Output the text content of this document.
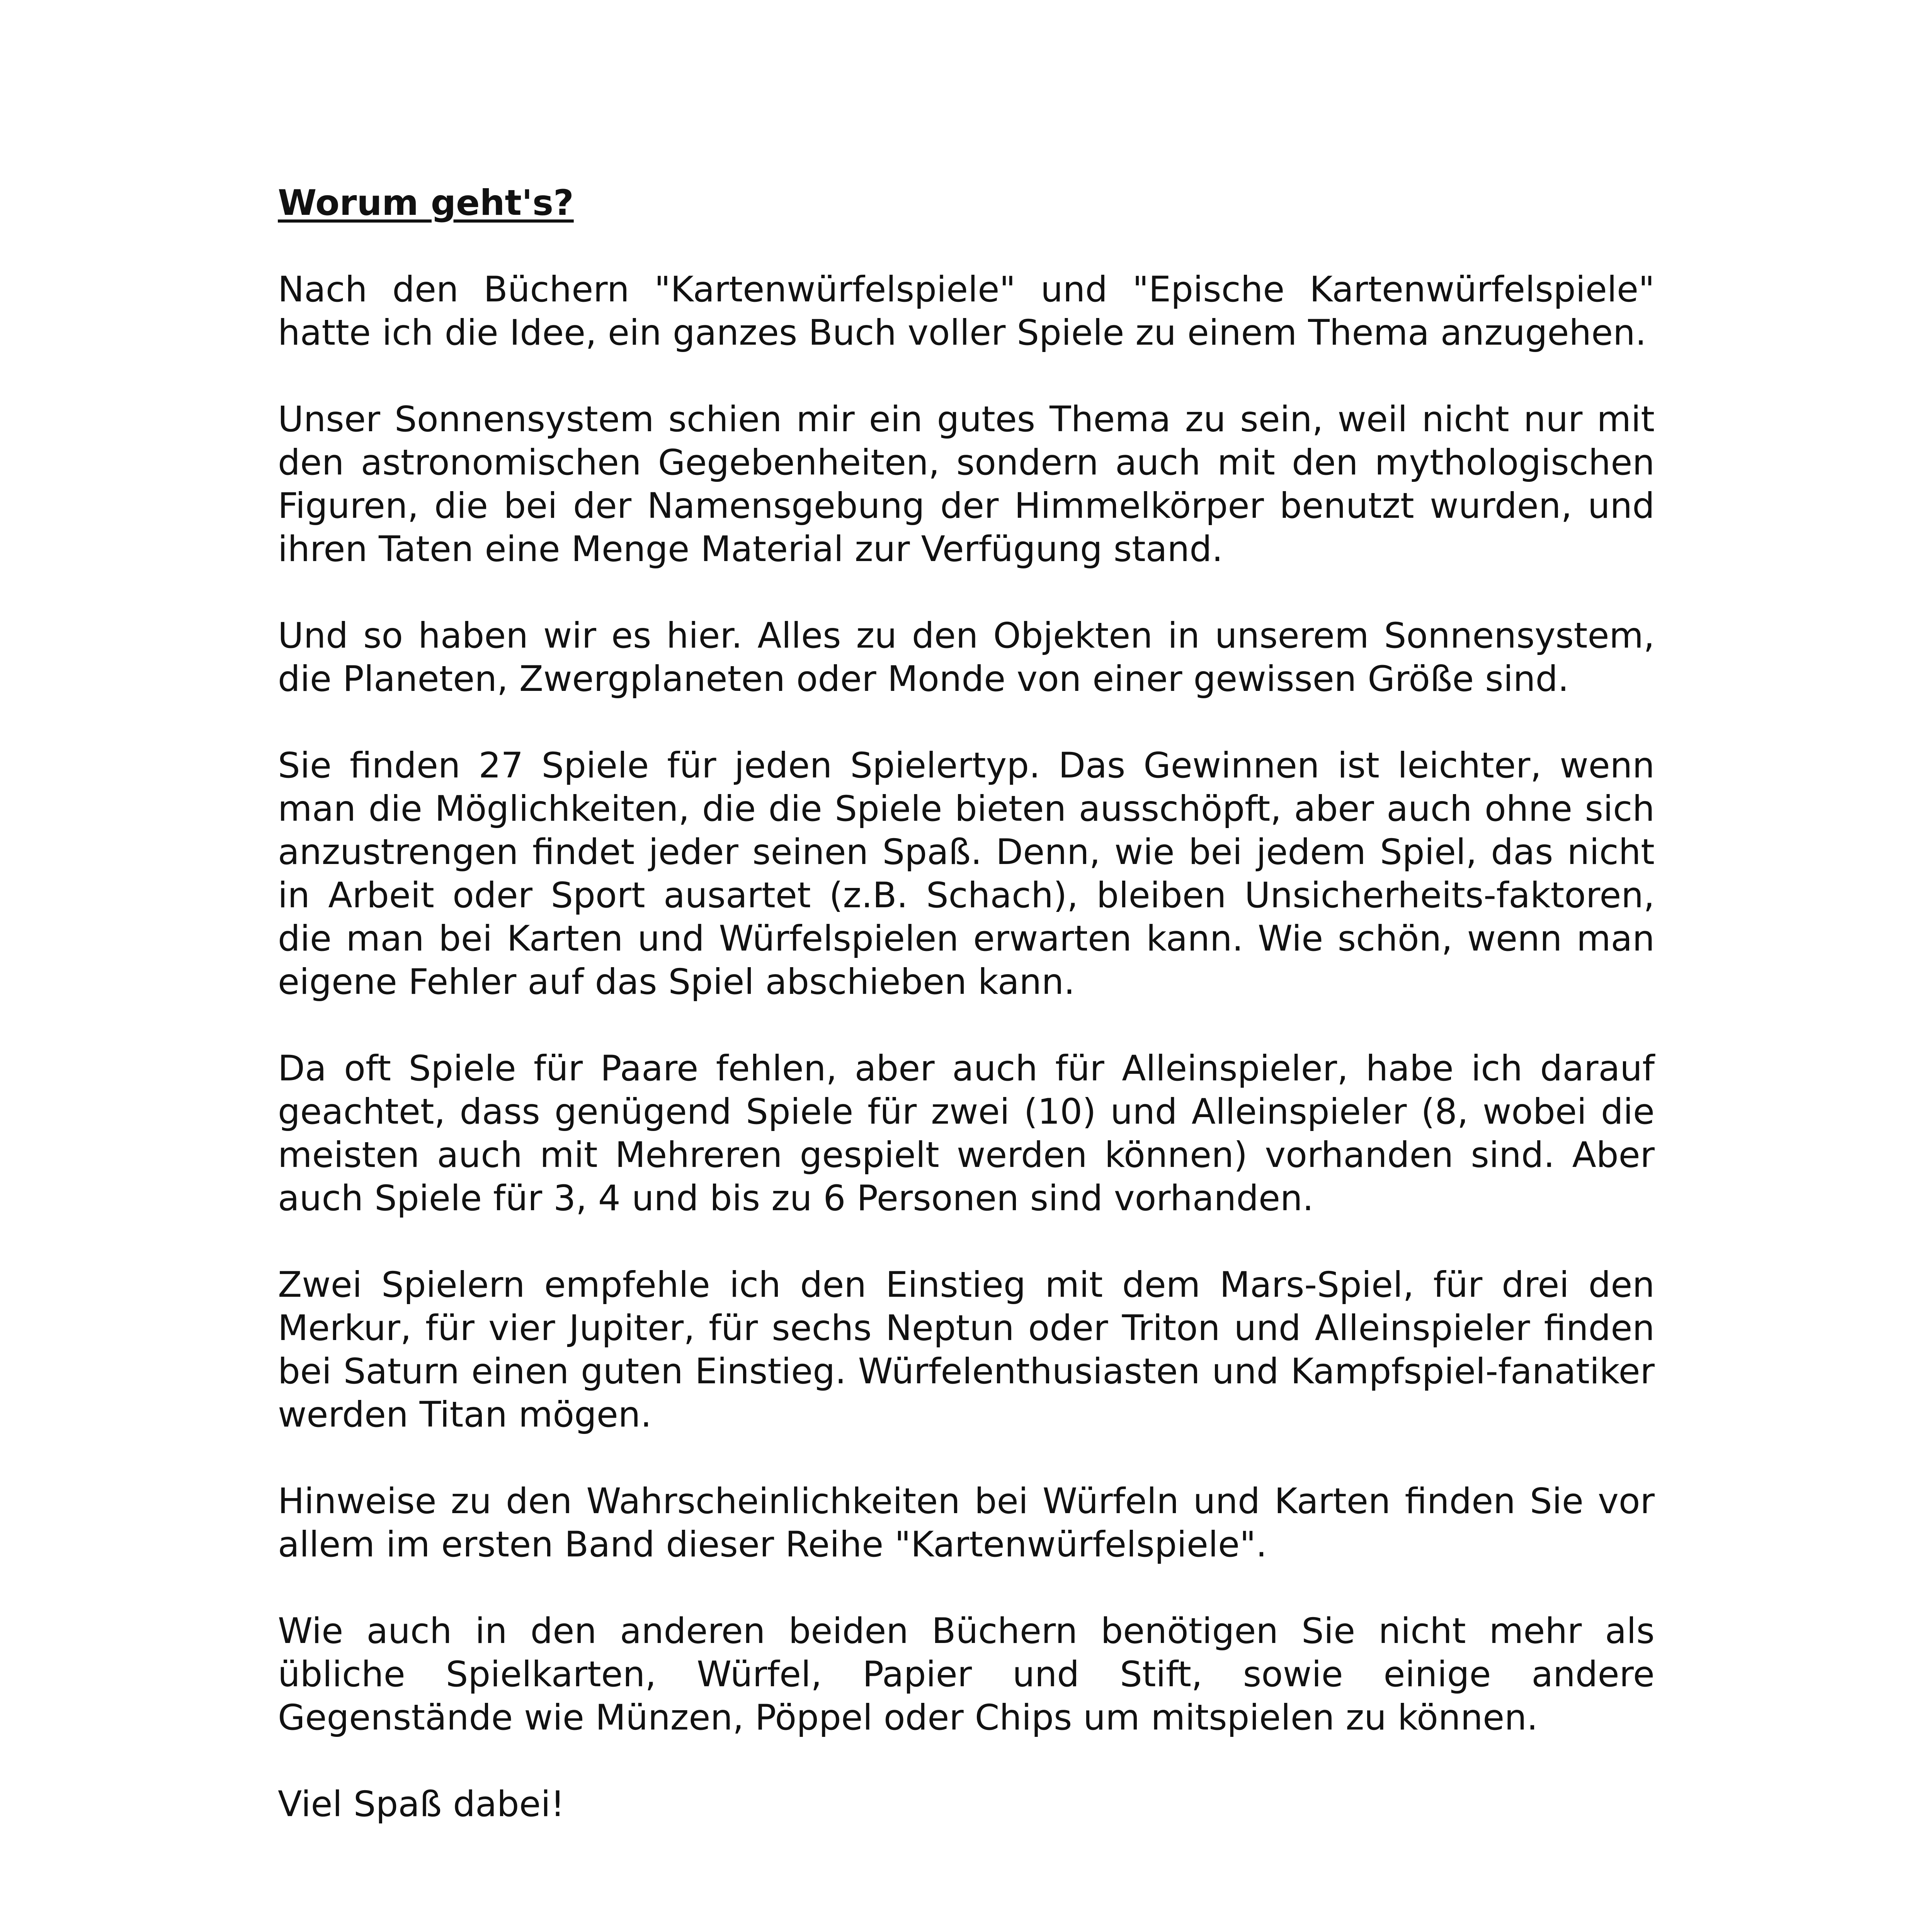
Worum geht's?

Nach den Büchern "Kartenwürfelspiele" und "Epische Kartenwürfelspiele" hatte ich die Idee, ein ganzes Buch voller Spiele zu einem Thema anzugehen.

Unser Sonnensystem schien mir ein gutes Thema zu sein, weil nicht nur mit den astronomischen Gegebenheiten, sondern auch mit den mythologischen Figuren, die bei der Namensgebung der Himmelkörper benutzt wurden, und ihren Taten eine Menge Material zur Verfügung stand.

Und so haben wir es hier. Alles zu den Objekten in unserem Sonnensystem, die Planeten, Zwergplaneten oder Monde von einer gewissen Größe sind.

Sie finden 27 Spiele für jeden Spielertyp. Das Gewinnen ist leichter, wenn man die Möglichkeiten, die die Spiele bieten ausschöpft, aber auch ohne sich anzustrengen findet jeder seinen Spaß. Denn, wie bei jedem Spiel, das nicht in Arbeit oder Sport ausartet (z.B. Schach), bleiben Unsicherheits-faktoren, die man bei Karten und Würfelspielen erwarten kann. Wie schön, wenn man eigene Fehler auf das Spiel abschieben kann.

Da oft Spiele für Paare fehlen, aber auch für Alleinspieler, habe ich darauf geachtet, dass genügend Spiele für zwei (10) und Alleinspieler (8, wobei die meisten auch mit Mehreren gespielt werden können) vorhanden sind. Aber auch Spiele für 3, 4 und bis zu 6 Personen sind vorhanden.

Zwei Spielern empfehle ich den Einstieg mit dem Mars-Spiel, für drei den Merkur, für vier Jupiter, für sechs Neptun oder Triton und Alleinspieler finden bei Saturn einen guten Einstieg. Würfelenthusiasten und Kampfspiel-fanatiker werden Titan mögen.

Hinweise zu den Wahrscheinlichkeiten bei Würfeln und Karten finden Sie vor allem im ersten Band dieser Reihe "Kartenwürfelspiele".

Wie auch in den anderen beiden Büchern benötigen Sie nicht mehr als übliche Spielkarten, Würfel, Papier und Stift, sowie einige andere Gegenstände wie Münzen, Pöppel oder Chips um mitspielen zu können.

Viel Spaß dabei!
